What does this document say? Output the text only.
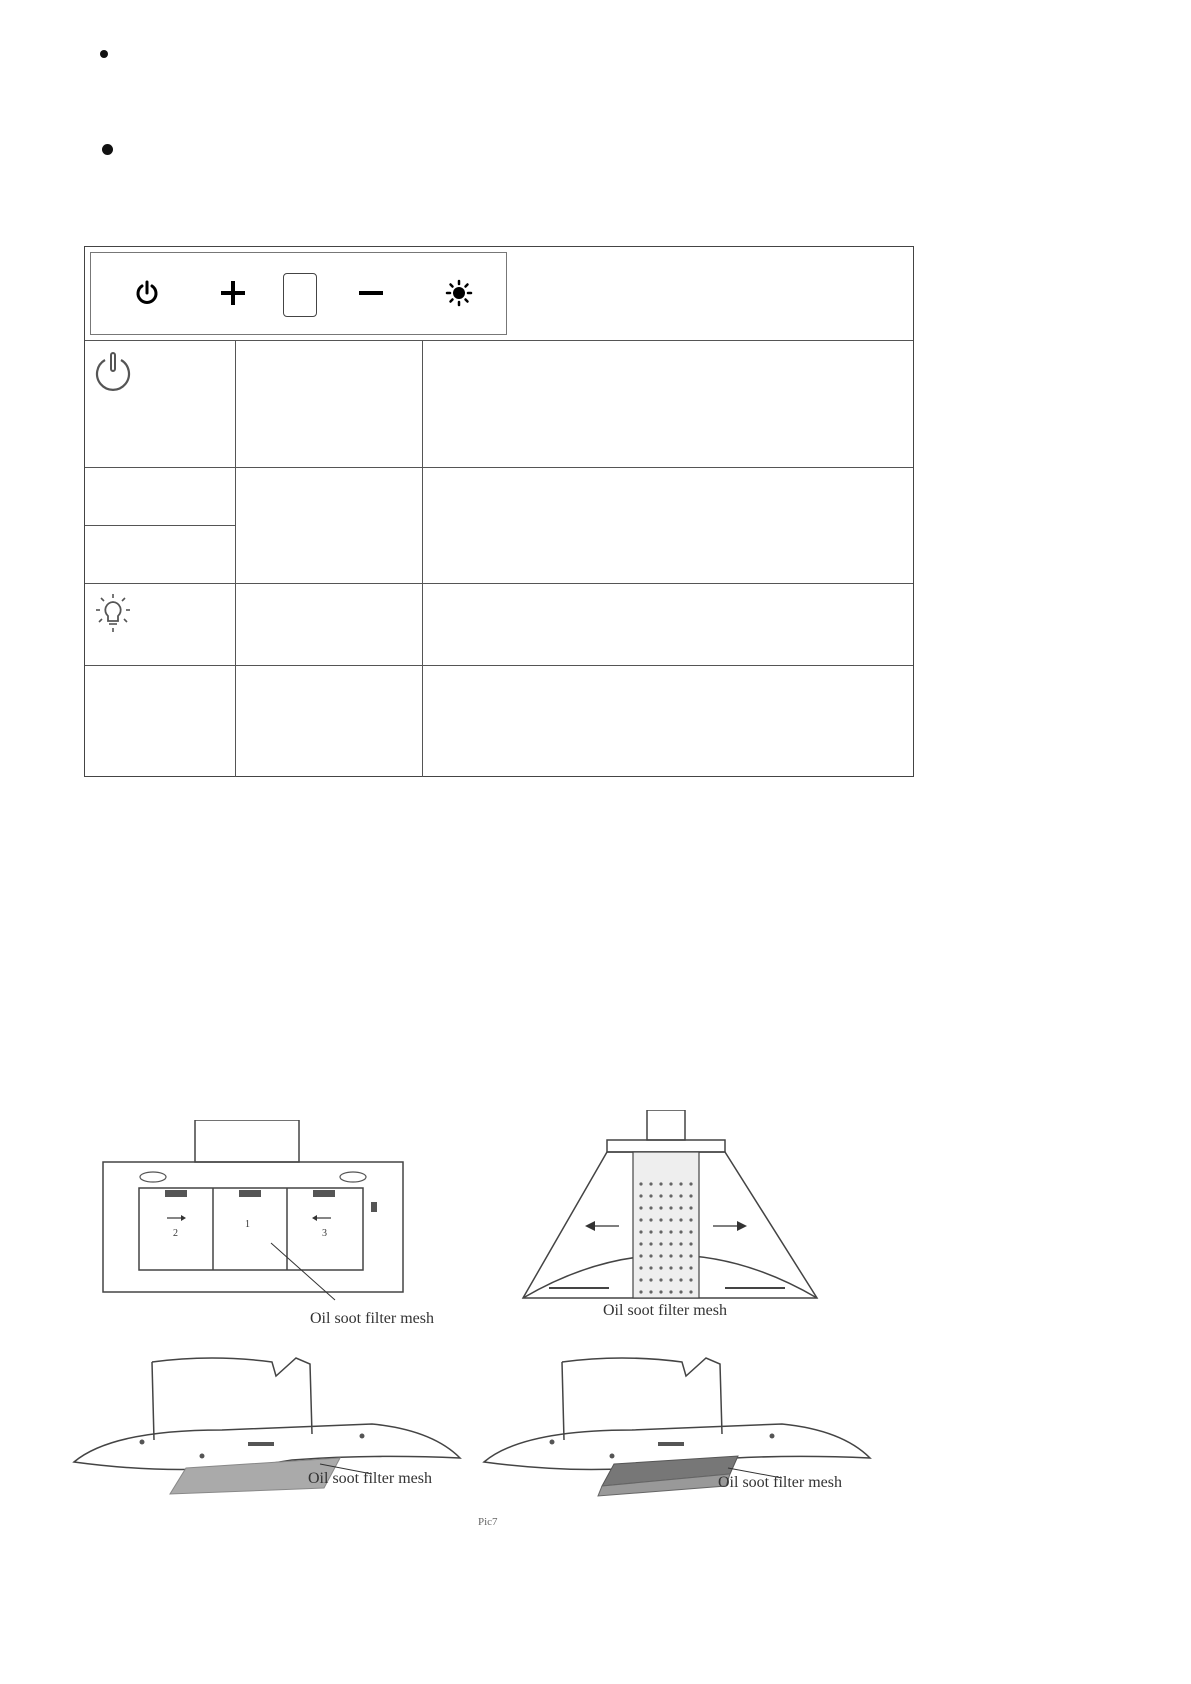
2
1
3
Oil soot filter mesh	Oil soot filter mesh
Oil soot filter mesh	Oil soot filter mesh
Pic7
